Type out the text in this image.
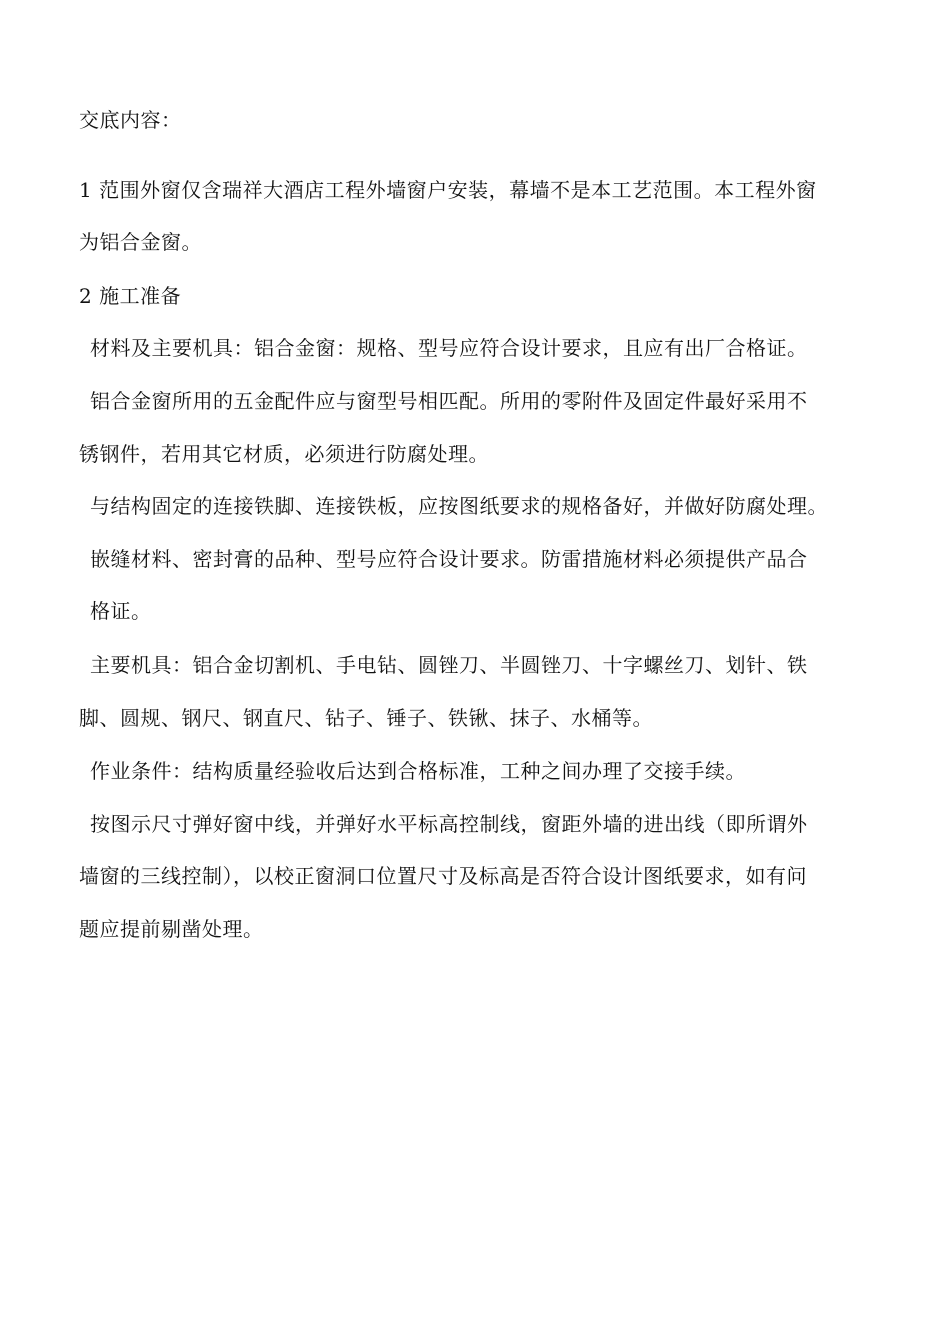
交底内容：
1 范围外窗仅含瑞祥大酒店工程外墙窗户安装，幕墙不是本工艺范围。本工程外窗
为铝合金窗。
2 施工准备
材料及主要机具：铝合金窗：规格、型号应符合设计要求，且应有出厂合格证。
铝合金窗所用的五金配件应与窗型号相匹配。所用的零附件及固定件最好采用不
锈钢件，若用其它材质，必须进行防腐处理。
与结构固定的连接铁脚、连接铁板，应按图纸要求的规格备好，并做好防腐处理。
嵌缝材料、密封膏的品种、型号应符合设计要求。防雷措施材料必须提供产品合
格证。
主要机具：铝合金切割机、手电钻、圆锉刀、半圆锉刀、十字螺丝刀、划针、铁
脚、圆规、钢尺、钢直尺、钻子、锤子、铁锹、抹子、水桶等。
作业条件：结构质量经验收后达到合格标准，工种之间办理了交接手续。
按图示尺寸弹好窗中线，并弹好水平标高控制线，窗距外墙的进出线（即所谓外
墙窗的三线控制），以校正窗洞口位置尺寸及标高是否符合设计图纸要求，如有问
题应提前剔凿处理。
